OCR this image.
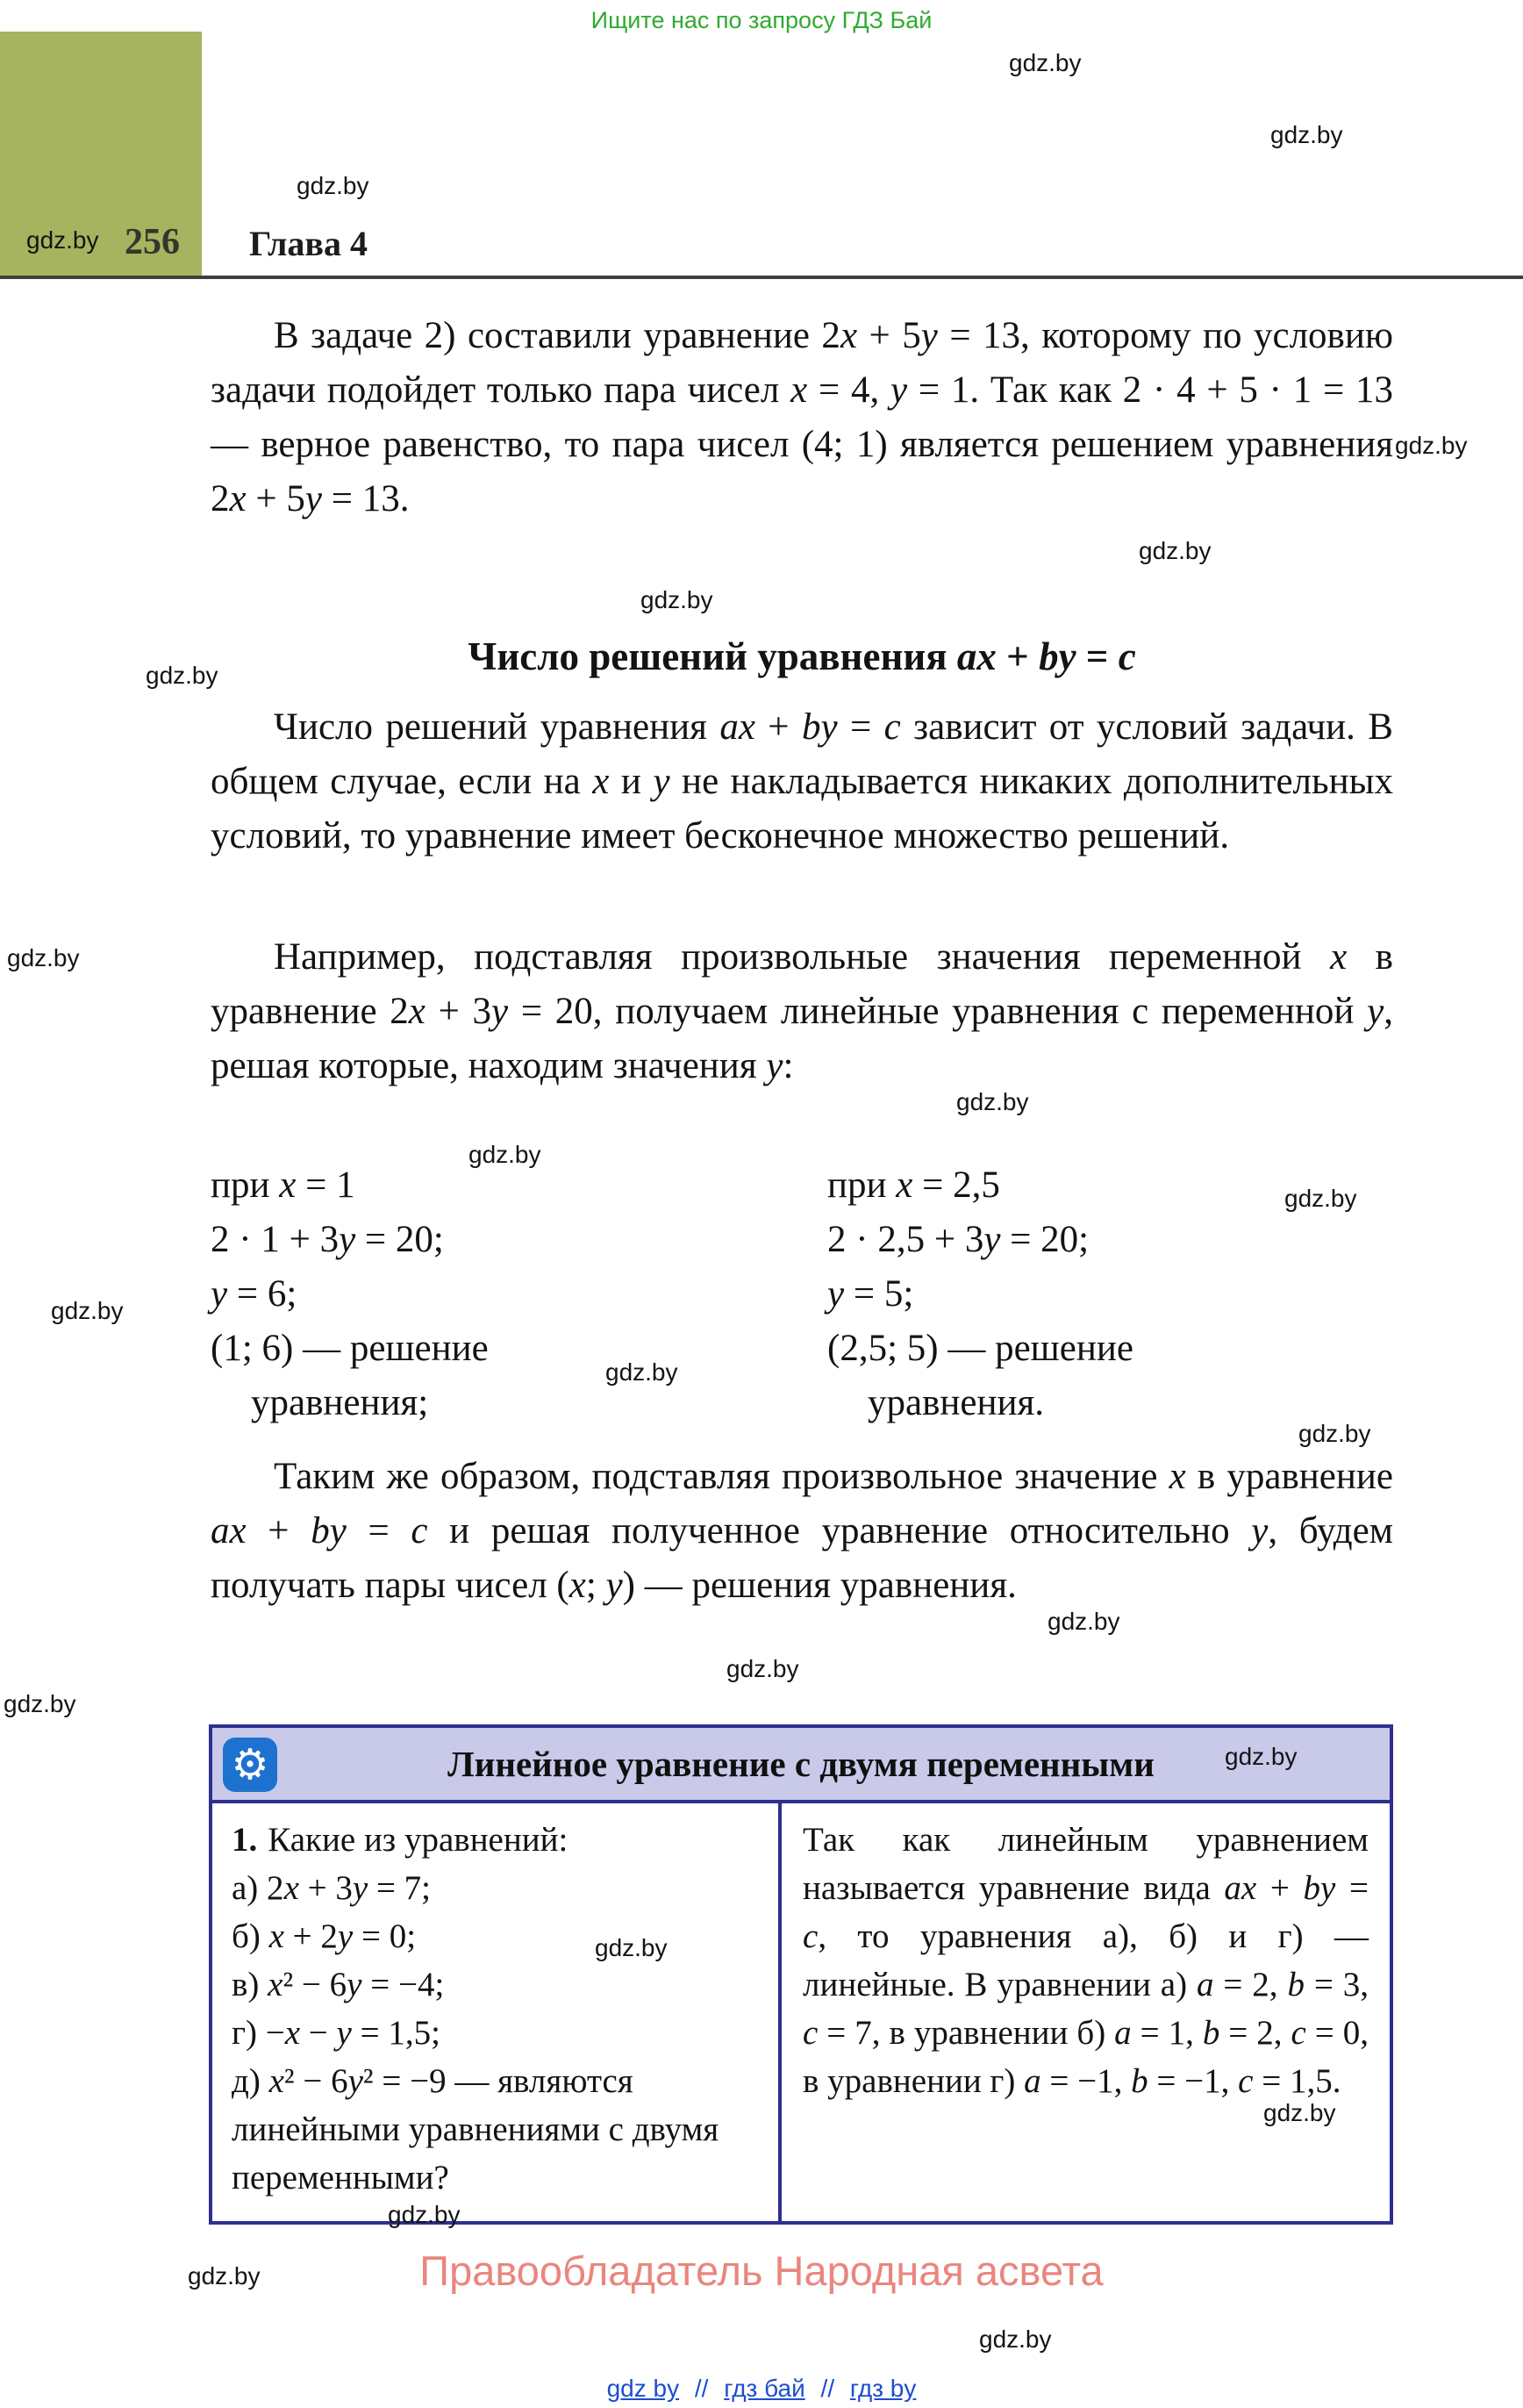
Ищите нас по запросу ГДЗ Бай
256 Глава 4
В задаче 2) составили уравнение 2x + 5y = 13, которому по условию задачи подойдет только пара чисел x = 4, y = 1. Так как 2 · 4 + 5 · 1 = 13 — верное равенство, то пара чисел (4; 1) является решением уравнения 2x + 5y = 13.
Число решений уравнения ax + by = c
Число решений уравнения ax + by = c зависит от условий задачи. В общем случае, если на x и y не накладывается никаких дополнительных условий, то уравнение имеет бесконечное множество решений.
Например, подставляя произвольные значения переменной x в уравнение 2x + 3y = 20, получаем линейные уравнения с переменной y, решая которые, находим значения y:
при x = 1
2 · 1 + 3y = 20;
y = 6;
(1; 6) — решение
уравнения;
при x = 2,5
2 · 2,5 + 3y = 20;
y = 5;
(2,5; 5) — решение
уравнения.
Таким же образом, подставляя произвольное значение x в уравнение ax + by = c и решая полученное уравнение относительно y, будем получать пары чисел (x; y) — решения уравнения.
⚙	Линейное уравнение с двумя переменными
1. Какие из уравнений:
а) 2x + 3y = 7;
б) x + 2y = 0;
в) x² − 6y = −4;
г) −x − y = 1,5;
д) x² − 6y² = −9 — являются линейными уравнениями с двумя переменными?
Так как линейным уравнением называется уравнение вида ax + by = c, то уравнения а), б) и г) — линейные. В уравнении а) a = 2, b = 3, c = 7, в уравнении б) a = 1, b = 2, c = 0, в уравнении г) a = −1, b = −1, c = 1,5.
Правообладатель Народная асвета
gdz by // гдз бай // гдз by
gdz.by
gdz.by
gdz.by
gdz.by
gdz.by
gdz.by
gdz.by
gdz.by
gdz.by
gdz.by
gdz.by
gdz.by
gdz.by
gdz.by
gdz.by
gdz.by
gdz.by
gdz.by
gdz.by
gdz.by
gdz.by
gdz.by
gdz.by
gdz.by
